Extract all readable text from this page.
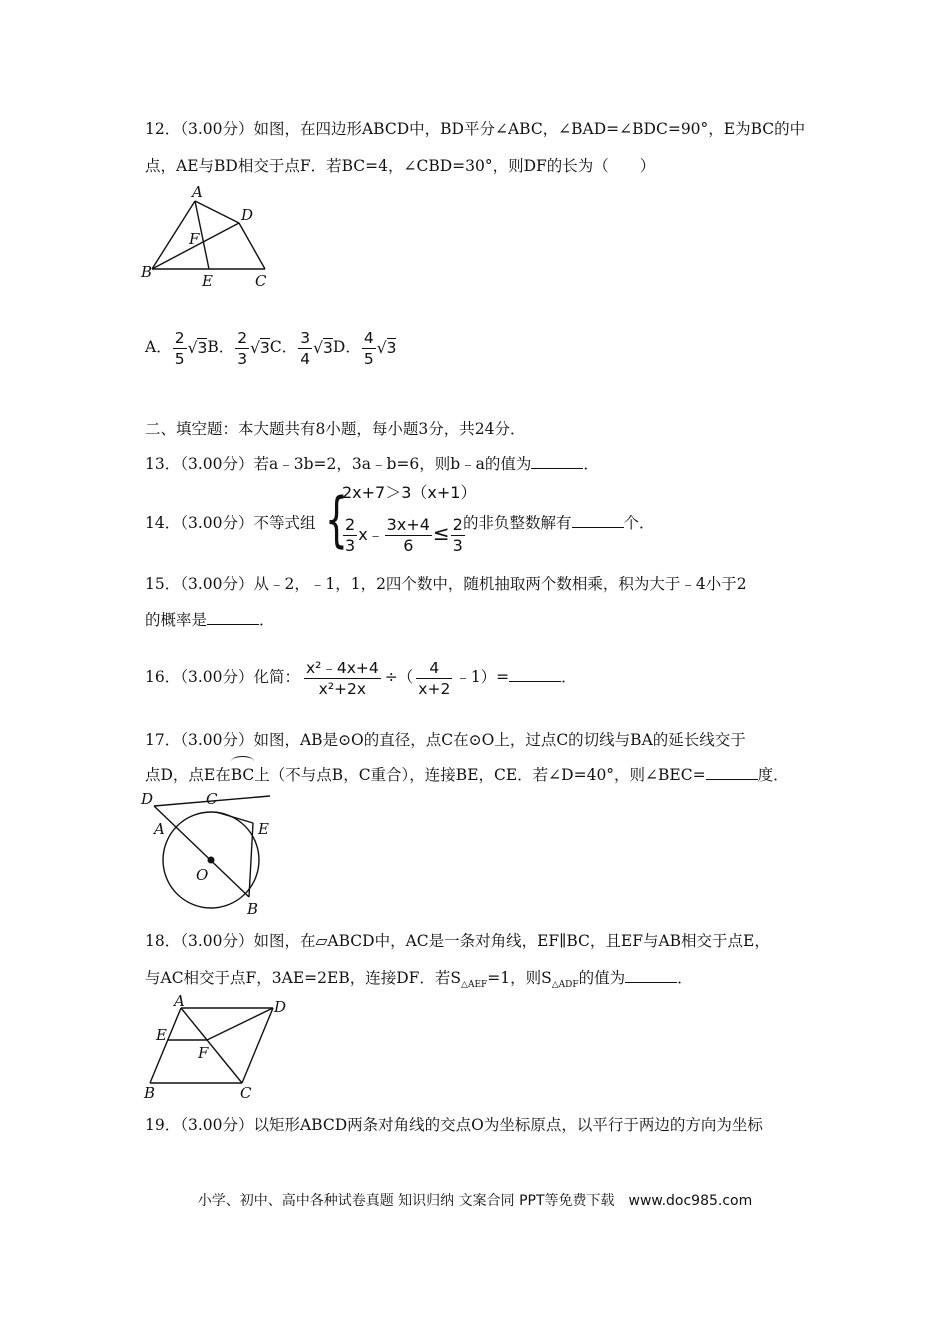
12．（3.00分）如图，在四边形ABCD中，BD平分∠ABC，∠BAD=∠BDC=90°，E为BC的中
点，AE与BD相交于点F．若BC=4，∠CBD=30°，则DF的长为（　　）
A
B	C
D
E
F
A． $\frac{2}{5} √3B$． $\frac{2}{3} √3C$． $\frac{3}{4} √3D$． $\frac{4}{5} √3$
二、填空题：本大题共有8小题，每小题3分，共24分．
13．（3.00分）若a﹣3b=2，3a﹣b=6，则b﹣a的值为	．
14．（3.00分）不等式组 {
2x+7＞3（x+1）
$\frac{2}{3}$ x﹣ $\frac{3x+4}{6} \le \frac{2}{3}$
的非负整数解有	个．
15．（3.00分）从﹣2，﹣1，1，2四个数中，随机抽取两个数相乘，积为大于﹣4小于2
的概率是	．
16．（3.00分）化简： $\frac{\text{x²﹣4x+4}}{\text{x²+2x}}$ ÷（ $\frac{4}{x+2}$ ﹣1）=	．
17．（3.00分）如图，AB是⊙O的直径，点C在⊙O上，过点C的切线与BA的延长线交于
点D，点E在
BC上（不与点B，C重合），连接BE，CE．若∠D=40°，则∠BEC=	度．
D	C
A	E
O
B
18．（3.00分）如图，在▱ABCD中，AC是一条对角线，EF∥BC，且EF与AB相交于点E，
与AC相交于点F，3AE=2EB，连接DF．若$S_{\triangle AEF}=1$，则$S_{\triangle ADF}$的值为	．
A	D
E
F
B	C
19．（3.00分）以矩形ABCD两条对角线的交点O为坐标原点，以平行于两边的方向为坐标
小学、初中、高中各种试卷真题 知识归纳 文案合同 PPT等免费下载　www.doc985.com
